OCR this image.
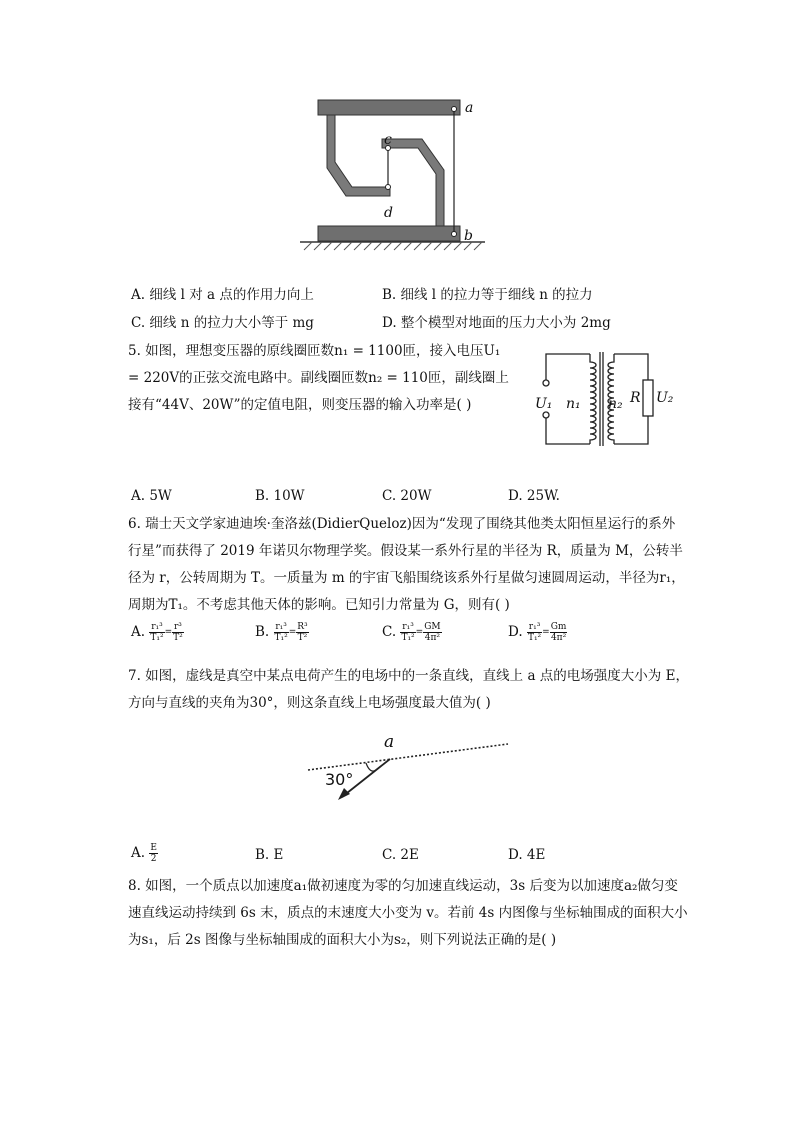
a
b
c
d
A. 细线 l 对 a 点的作用力向上	B. 细线 l 的拉力等于细线 n 的拉力
C. 细线 n 的拉力大小等于 mg	D. 整个模型对地面的压力大小为 2mg
5. 如图，理想变压器的原线圈匝数n₁ = 1100匝，接入电压U₁
= 220V的正弦交流电路中。副线圈匝数n₂ = 110匝，副线圈上
接有“44V、20W”的定值电阻，则变压器的输入功率是( )	U₁ n₁ n₂ R U₂
A. 5W	B. 10W	C. 20W	D. 25W.
6. 瑞士天文学家迪迪埃·奎洛兹(DidierQueloz)因为“发现了围绕其他类太阳恒星运行的系外
行星”而获得了 2019 年诺贝尔物理学奖。假设某一系外行星的半径为 R，质量为 M，公转半
径为 r，公转周期为 T。一质量为 m 的宇宙飞船围绕该系外行星做匀速圆周运动，半径为r₁，
周期为T₁。不考虑其他天体的影响。已知引力常量为 G，则有( )
A. $\frac{\text{r₁³}}{\text{T₁²}} = \frac{\text{r³}}{\text{T²}}$	B. $\frac{\text{r₁³}}{\text{T₁²}} = \frac{\text{R³}}{\text{T²}}$	C. $\frac{\text{r₁³}}{\text{T₁²}} = \frac{GM}{\text{4π²}}$	D. $\frac{\text{r₁³}}{\text{T₁²}} = \frac{Gm}{\text{4π²}}$
7. 如图，虚线是真空中某点电荷产生的电场中的一条直线，直线上 a 点的电场强度大小为 E，
方向与直线的夹角为30°，则这条直线上电场强度最大值为( )
a
30°
A. $\frac{E}{2}$	B. E	C. 2E	D. 4E
8. 如图，一个质点以加速度a₁做初速度为零的匀加速直线运动，3s 后变为以加速度a₂做匀变
速直线运动持续到 6s 末，质点的末速度大小变为 v。若前 4s 内图像与坐标轴围成的面积大小
为s₁，后 2s 图像与坐标轴围成的面积大小为s₂，则下列说法正确的是( )
